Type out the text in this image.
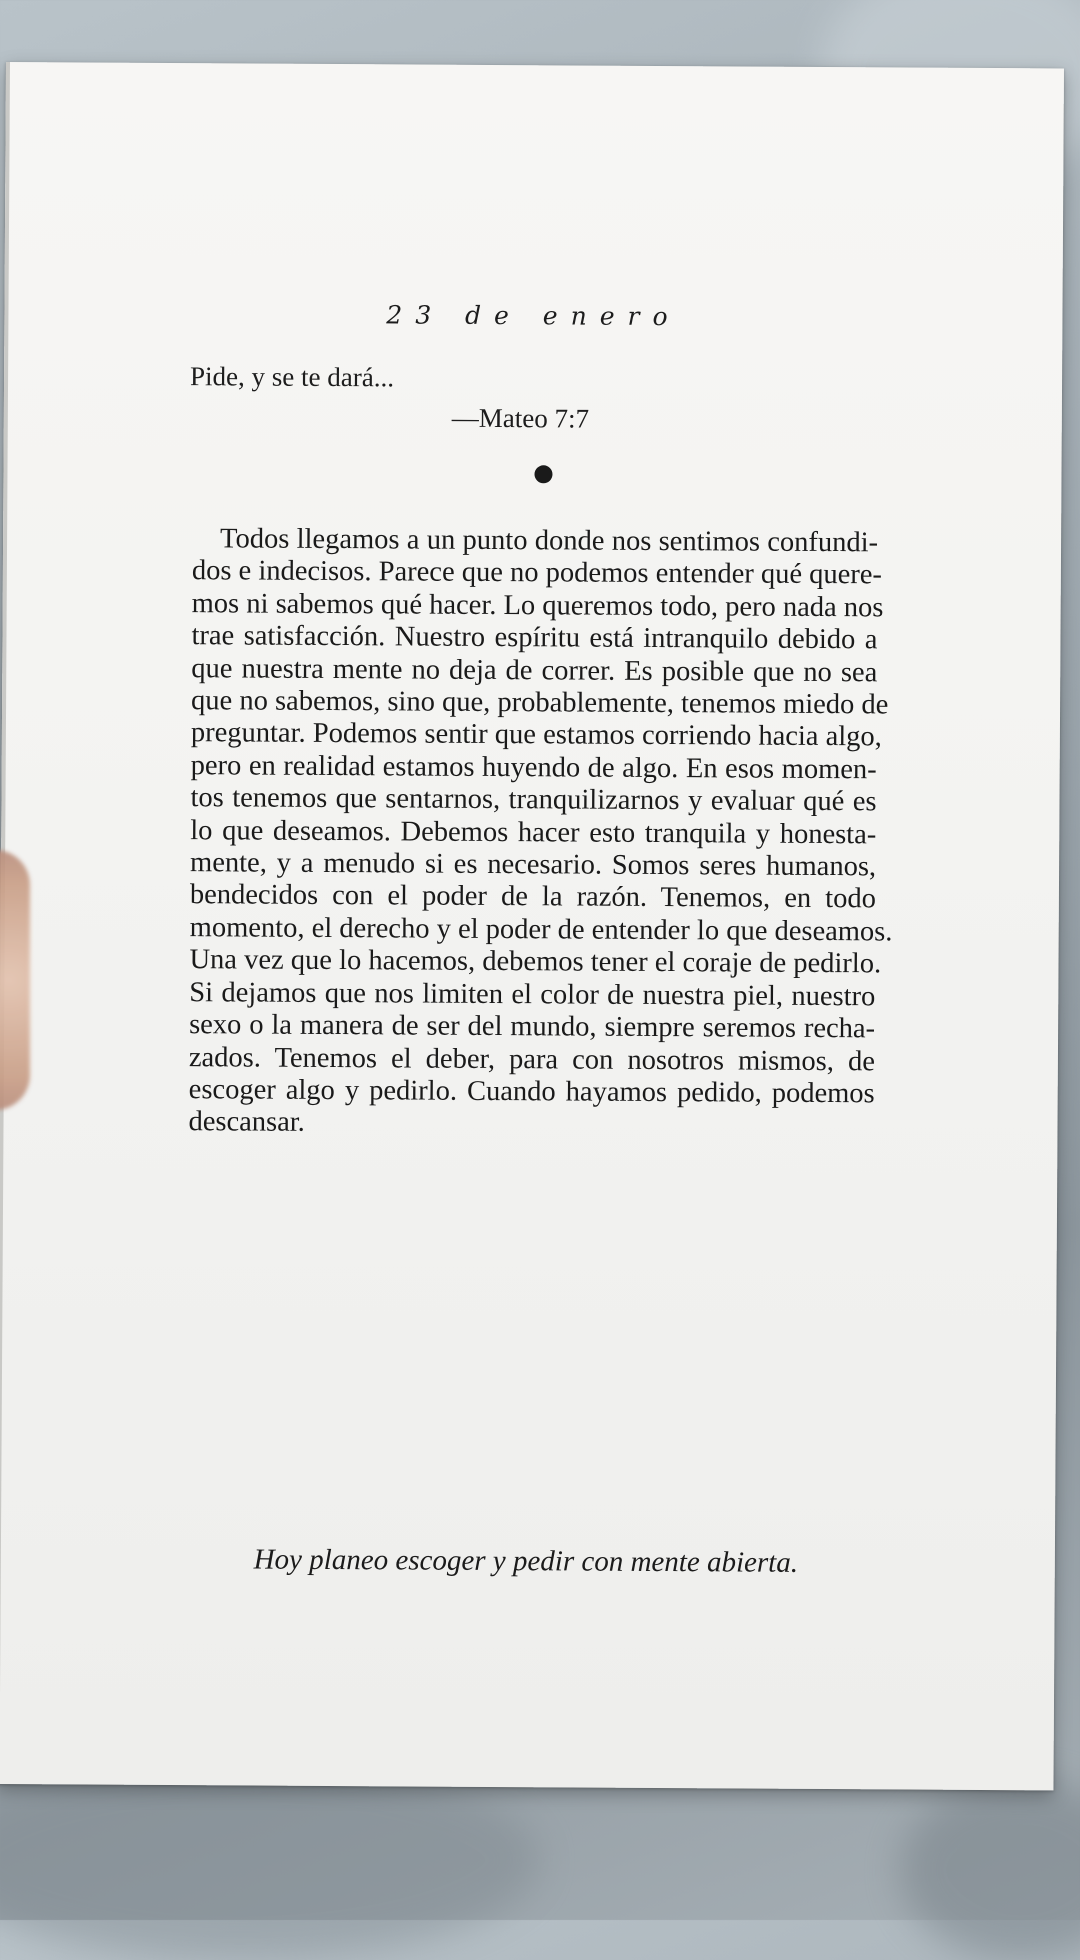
23 de enero
Pide, y se te dará...
—Mateo 7:7

Todos llegamos a un punto donde nos sentimos confundi-
dos e indecisos. Parece que no podemos entender qué quere-
mos ni sabemos qué hacer. Lo queremos todo, pero nada nos
trae satisfacción. Nuestro espíritu está intranquilo debido a
que nuestra mente no deja de correr. Es posible que no sea
que no sabemos, sino que, probablemente, tenemos miedo de
preguntar. Podemos sentir que estamos corriendo hacia algo,
pero en realidad estamos huyendo de algo. En esos momen-
tos tenemos que sentarnos, tranquilizarnos y evaluar qué es
lo que deseamos. Debemos hacer esto tranquila y honesta-
mente, y a menudo si es necesario. Somos seres humanos,
bendecidos con el poder de la razón. Tenemos, en todo
momento, el derecho y el poder de entender lo que deseamos.
Una vez que lo hacemos, debemos tener el coraje de pedirlo.
Si dejamos que nos limiten el color de nuestra piel, nuestro
sexo o la manera de ser del mundo, siempre seremos recha-
zados. Tenemos el deber, para con nosotros mismos, de
escoger algo y pedirlo. Cuando hayamos pedido, podemos
descansar.

Hoy planeo escoger y pedir con mente abierta.
